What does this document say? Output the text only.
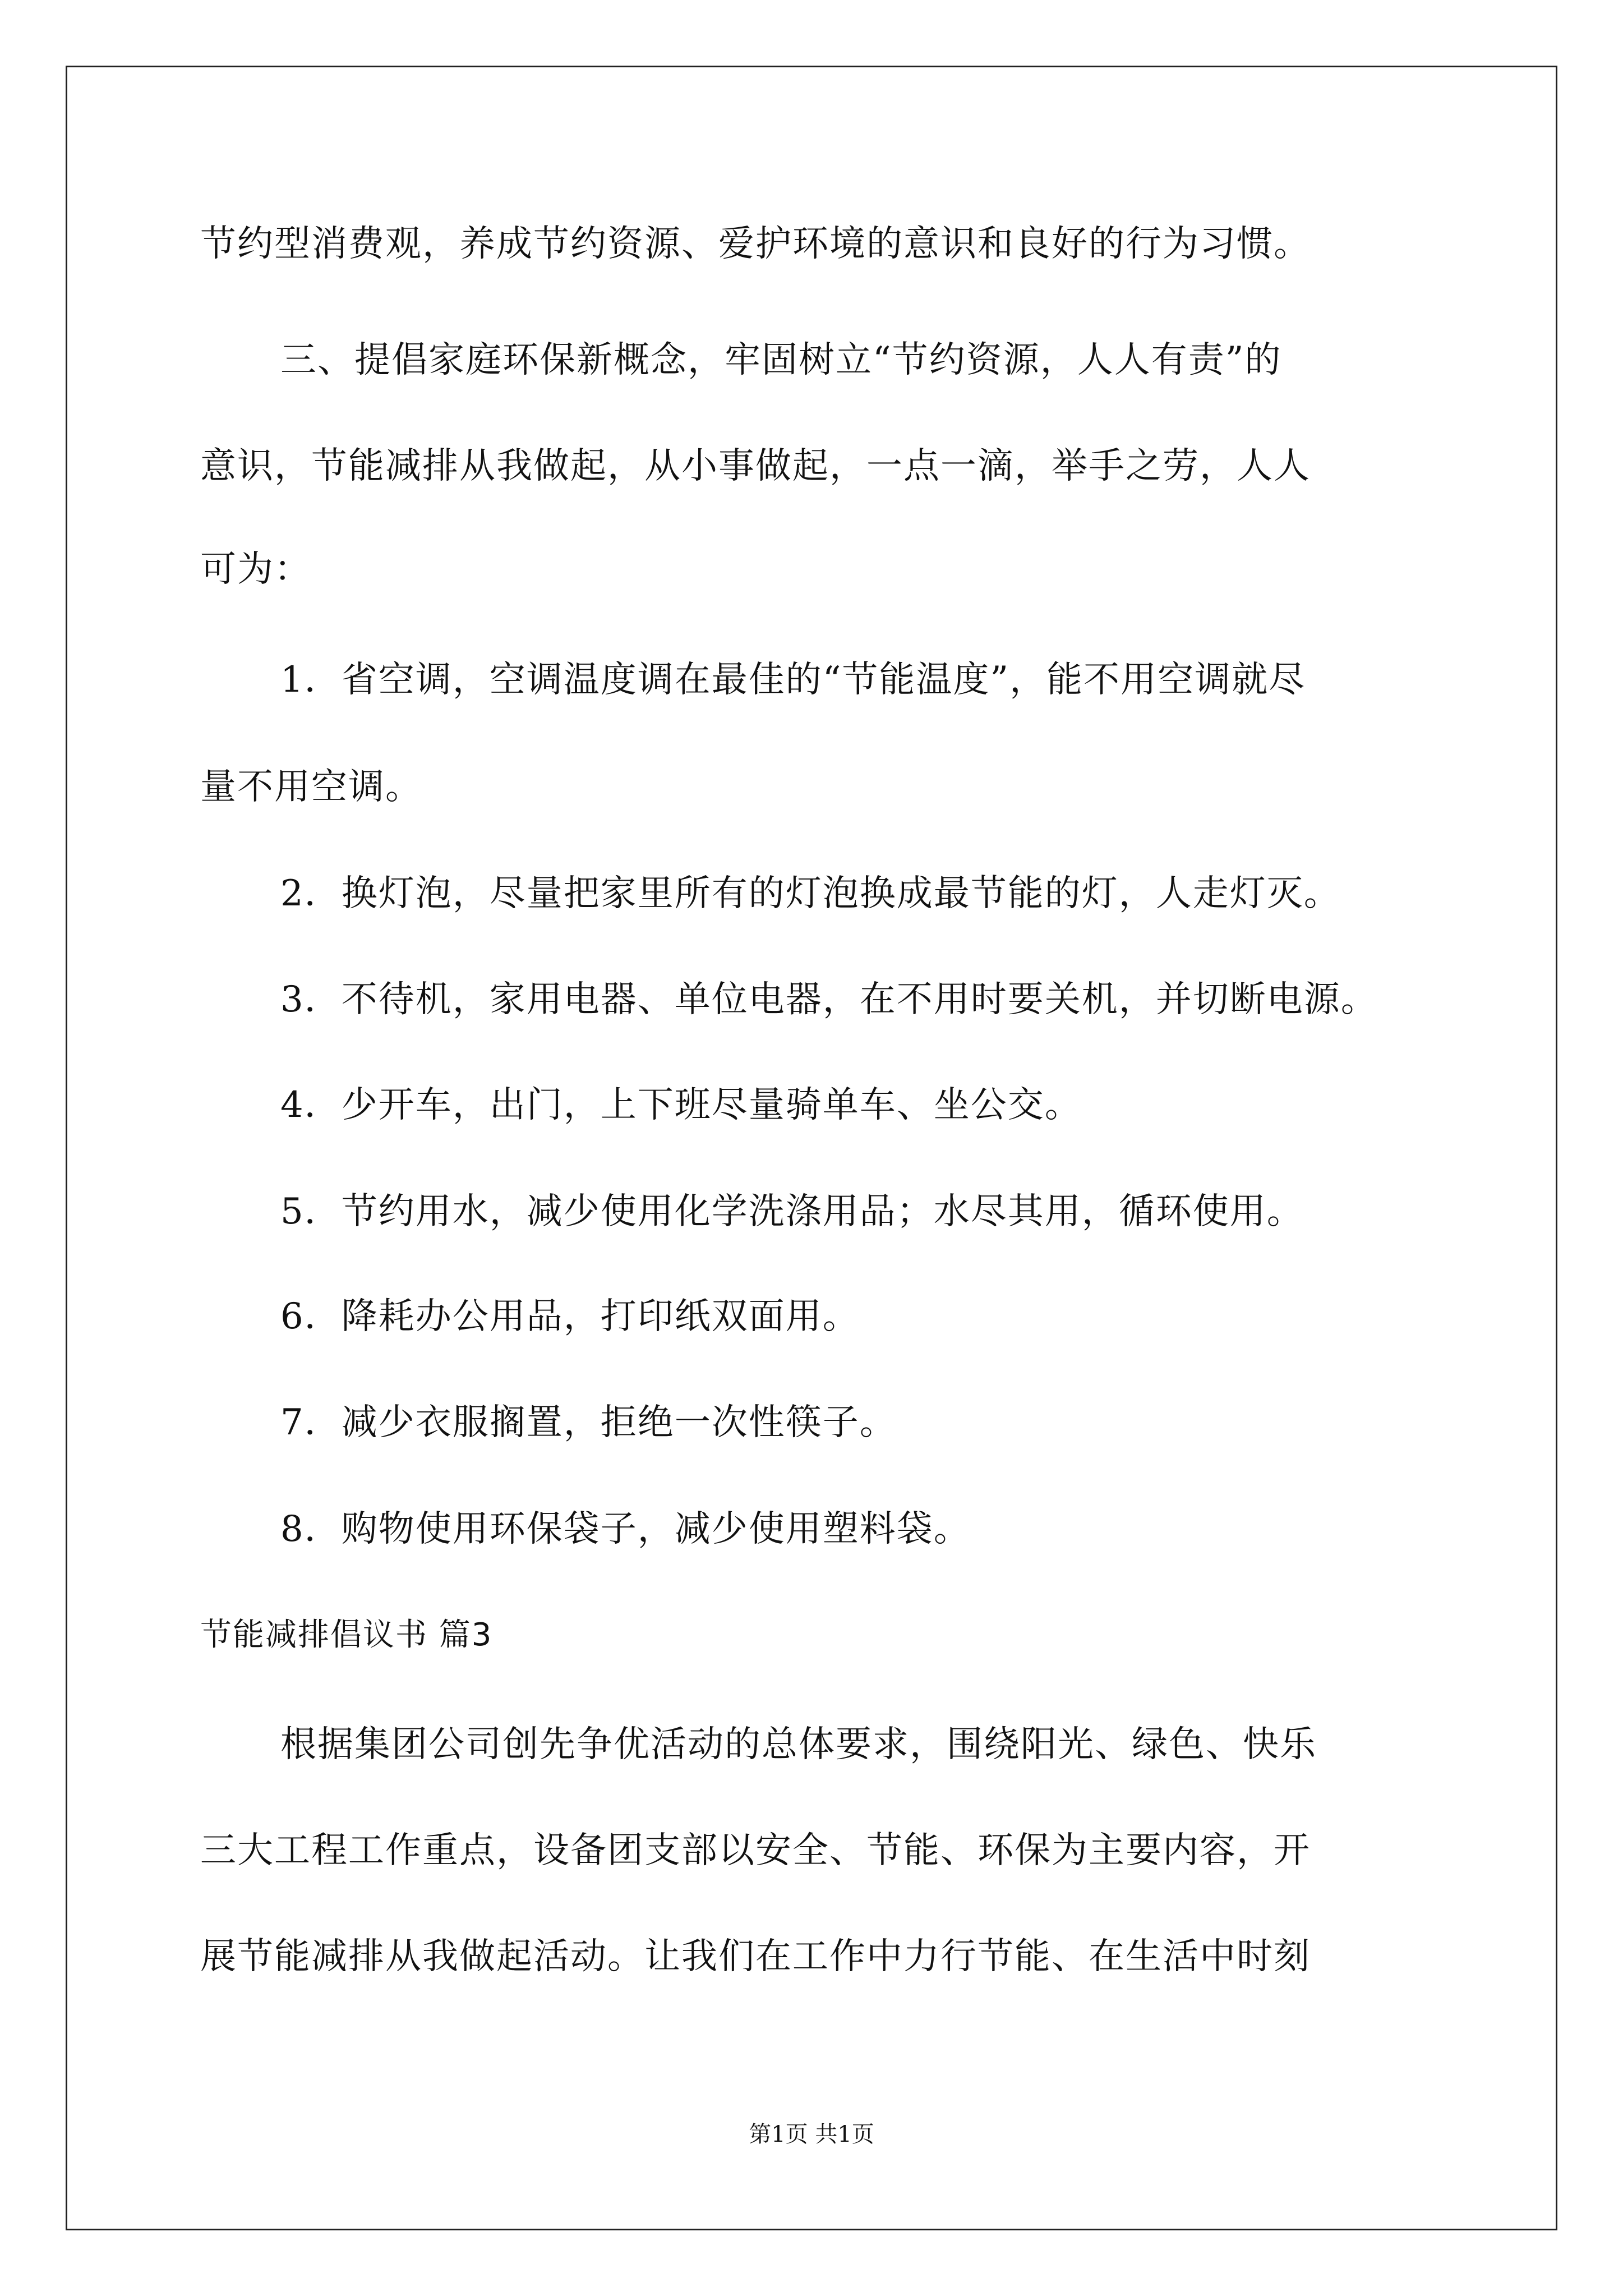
节约型消费观，养成节约资源、爱护环境的意识和良好的行为习惯。
三、提倡家庭环保新概念，牢固树立“节约资源，人人有责”的
意识，节能减排从我做起，从小事做起，一点一滴，举手之劳，人人
可为：
1．省空调，空调温度调在最佳的“节能温度”，能不用空调就尽
量不用空调。
2．换灯泡，尽量把家里所有的灯泡换成最节能的灯，人走灯灭。
3．不待机，家用电器、单位电器，在不用时要关机，并切断电源。
4．少开车，出门，上下班尽量骑单车、坐公交。
5．节约用水，减少使用化学洗涤用品；水尽其用，循环使用。
6．降耗办公用品，打印纸双面用。
7．减少衣服搁置，拒绝一次性筷子。
8．购物使用环保袋子，减少使用塑料袋。
节能减排倡议书 篇3
根据集团公司创先争优活动的总体要求，围绕阳光、绿色、快乐
三大工程工作重点，设备团支部以安全、节能、环保为主要内容，开
展节能减排从我做起活动。让我们在工作中力行节能、在生活中时刻
第1页 共1页
